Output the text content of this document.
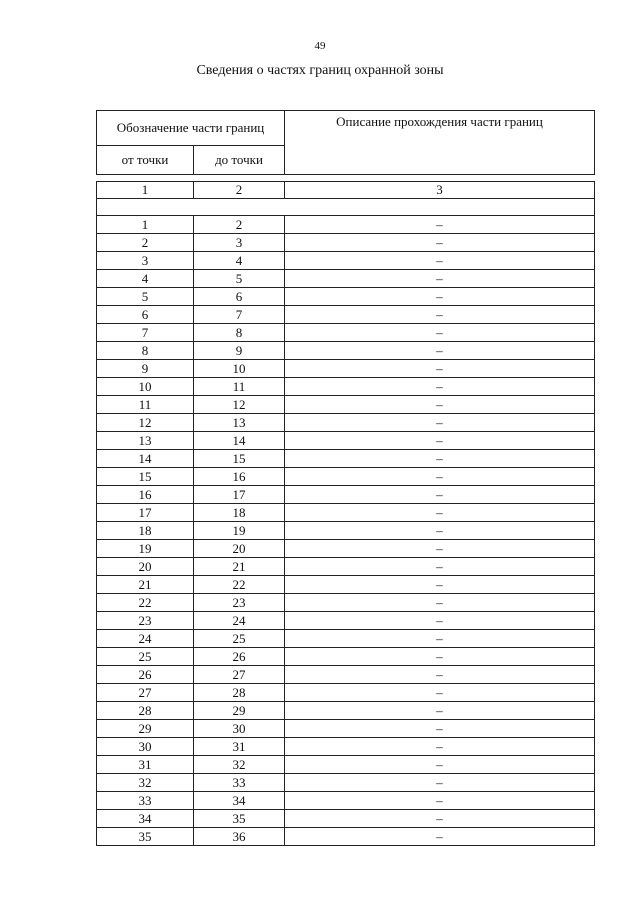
49
Сведения о частях границ охранной зоны
Обозначение части границ		Описание прохождения части границ
от точки	до точки	

1	2	3

1	2	–
2	3	–
3	4	–
4	5	–
5	6	–
6	7	–
7	8	–
8	9	–
9	10	–
10	11	–
11	12	–
12	13	–
13	14	–
14	15	–
15	16	–
16	17	–
17	18	–
18	19	–
19	20	–
20	21	–
21	22	–
22	23	–
23	24	–
24	25	–
25	26	–
26	27	–
27	28	–
28	29	–
29	30	–
30	31	–
31	32	–
32	33	–
33	34	–
34	35	–
35	36	–
